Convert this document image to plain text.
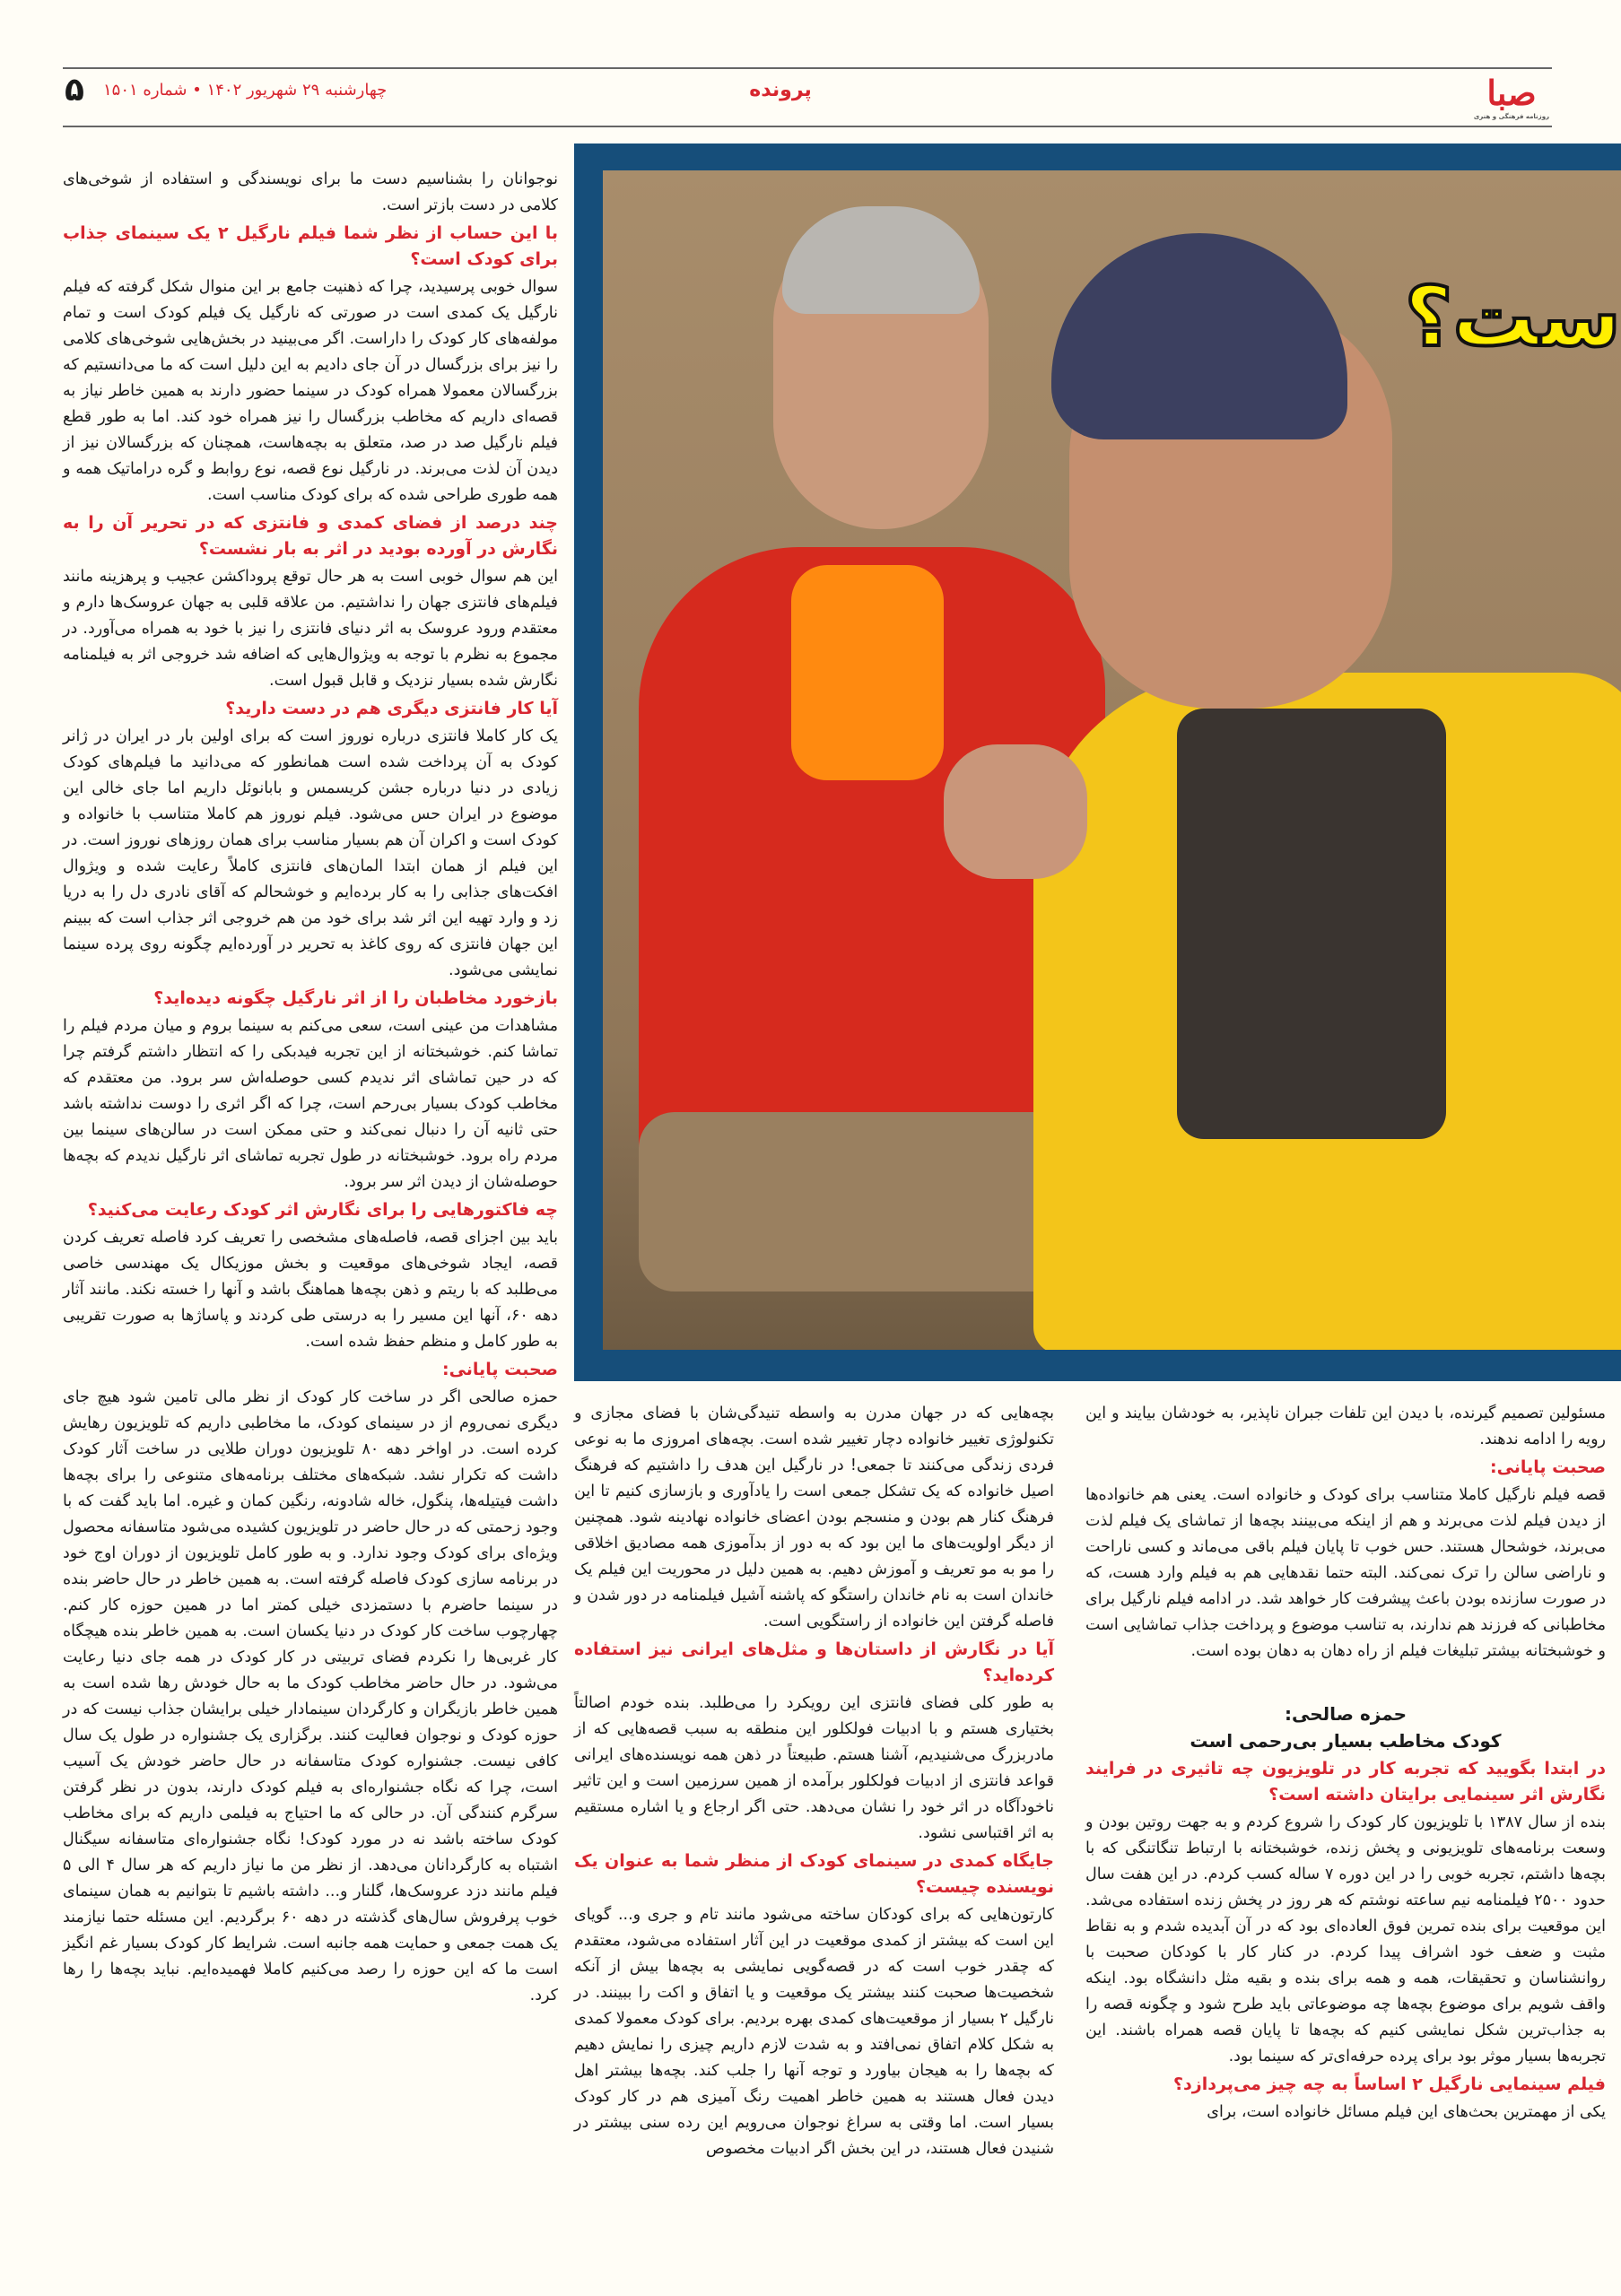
صبا
روزنامه فرهنگی و هنری
پرونده
چهارشنبه ۲۹ شهریور ۱۴۰۲ • شماره ۱۵۰۱
۵
ست؟

نوجوانان را بشناسیم دست ما برای نویسندگی و استفاده از شوخی‌های کلامی در دست بازتر است.

با این حساب از نظر شما فیلم نارگیل ۲ یک سینمای جذاب برای کودک است؟

سوال خوبی پرسیدید، چرا که ذهنیت جامع بر این منوال شکل گرفته که فیلم نارگیل یک کمدی است در صورتی که نارگیل یک فیلم کودک است و تمام مولفه‌های کار کودک را داراست. اگر می‌بینید در بخش‌هایی شوخی‌های کلامی را نیز برای بزرگسال در آن جای دادیم به این دلیل است که ما می‌دانستیم که بزرگسالان معمولا همراه کودک در سینما حضور دارند به همین خاطر نیاز به قصه‌ای داریم که مخاطب بزرگسال را نیز همراه خود کند. اما به طور قطع فیلم نارگیل صد در صد، متعلق به بچه‌هاست، همچنان که بزرگسالان نیز از دیدن آن لذت می‌برند. در نارگیل نوع قصه، نوع روابط و گره دراماتیک همه و همه طوری طراحی شده که برای کودک مناسب است.

چند درصد از فضای کمدی و فانتزی که در تحریر آن را به نگارش در آورده بودید در اثر به بار نشست؟

این هم سوال خوبی است به هر حال توقع پروداکشن عجیب و پرهزینه مانند فیلم‌های فانتزی جهان را نداشتیم. من علاقه قلبی به جهان عروسک‌ها دارم و معتقدم ورود عروسک به اثر دنیای فانتزی را نیز با خود به همراه می‌آورد. در مجموع به نظرم با توجه به ویژوال‌هایی که اضافه شد خروجی اثر به فیلمنامه نگارش شده بسیار نزدیک و قابل قبول است.

آیا کار فانتزی دیگری هم در دست دارید؟

یک کار کاملا فانتزی درباره نوروز است که برای اولین بار در ایران در ژانر کودک به آن پرداخت شده است همانطور که می‌دانید ما فیلم‌های کودک زیادی در دنیا درباره جشن کریسمس و بابانوئل داریم اما جای خالی این موضوع در ایران حس می‌شود. فیلم نوروز هم کاملا متناسب با خانواده و کودک است و اکران آن هم بسیار مناسب برای همان روزهای نوروز است. در این فیلم از همان ابتدا المان‌های فانتزی کاملاً رعایت شده و ویژوال افکت‌های جذابی را به کار برده‌ایم و خوشحالم که آقای نادری دل را به دریا زد و وارد تهیه این اثر شد برای خود من هم خروجی اثر جذاب است که ببینم این جهان فانتزی که روی کاغذ به تحریر در آورده‌ایم چگونه روی پرده سینما نمایشی می‌شود.

بازخورد مخاطبان را از اثر نارگیل چگونه دیده‌اید؟

مشاهدات من عینی است، سعی می‌کنم به سینما بروم و میان مردم فیلم را تماشا کنم. خوشبختانه از این تجربه فیدبکی را که انتظار داشتم گرفتم چرا که در حین تماشای اثر ندیدم کسی حوصله‌اش سر برود. من معتقدم که مخاطب کودک بسیار بی‌رحم است، چرا که اگر اثری را دوست نداشته باشد حتی ثانیه آن را دنبال نمی‌کند و حتی ممکن است در سالن‌های سینما بین مردم راه برود. خوشبختانه در طول تجربه تماشای اثر نارگیل ندیدم که بچه‌ها حوصله‌شان از دیدن اثر سر برود.

چه فاکتورهایی را برای نگارش اثر کودک رعایت می‌کنید؟

باید بین اجزای قصه، فاصله‌های مشخصی را تعریف کرد فاصله تعریف کردن قصه، ایجاد شوخی‌های موقعیت و بخش موزیکال یک مهندسی خاصی می‌طلبد که با ریتم و ذهن بچه‌ها هماهنگ باشد و آنها را خسته نکند. مانند آثار دهه ۶۰، آنها این مسیر را به درستی طی کردند و پاساژها به صورت تقریبی به طور کامل و منظم حفظ شده است.

صحبت پایانی:

حمزه صالحی اگر در ساخت کار کودک از نظر مالی تامین شود هیچ جای دیگری نمی‌روم از در سینمای کودک، ما مخاطبی داریم که تلویزیون رهایش کرده است. در اواخر دهه ۸۰ تلویزیون دوران طلایی در ساخت آثار کودک داشت که تکرار نشد. شبکه‌های مختلف برنامه‌های متنوعی را برای بچه‌ها داشت فیتیله‌ها، پنگول، خاله شادونه، رنگین کمان و غیره. اما باید گفت که با وجود زحمتی که در حال حاضر در تلویزیون کشیده می‌شود متاسفانه محصول ویژه‌ای برای کودک وجود ندارد. و به طور کامل تلویزیون از دوران اوج خود در برنامه سازی کودک فاصله گرفته است. به همین خاطر در حال حاضر بنده در سینما حاضرم با دستمزدی خیلی کمتر اما در همین حوزه کار کنم. چهارچوب ساخت کار کودک در دنیا یکسان است. به همین خاطر بنده هیچگاه کار غربی‌ها را نکردم فضای تربیتی در کار کودک در همه جای دنیا رعایت می‌شود. در حال حاضر مخاطب کودک ما به حال خودش رها شده است به همین خاطر بازیگران و کارگردان سینمادار خیلی برایشان جذاب نیست که در حوزه کودک و نوجوان فعالیت کنند. برگزاری یک جشنواره در طول یک سال کافی نیست. جشنواره کودک متاسفانه در حال حاضر خودش یک آسیب است، چرا که نگاه جشنواره‌ای به فیلم کودک دارند، بدون در نظر گرفتن سرگرم کنندگی آن. در حالی که ما احتیاج به فیلمی داریم که برای مخاطب کودک ساخته باشد نه در مورد کودک! نگاه جشنواره‌ای متاسفانه سیگنال اشتباه به کارگردانان می‌دهد. از نظر من ما نیاز داریم که هر سال ۴ الی ۵ فیلم مانند دزد عروسک‌ها، گلنار و... داشته باشیم تا بتوانیم به همان سینمای خوب پرفروش سال‌های گذشته در دهه ۶۰ برگردیم. این مسئله حتما نیازمند یک همت جمعی و حمایت همه جانبه است. شرایط کار کودک بسیار غم انگیز است ما که این حوزه را رصد می‌کنیم کاملا فهمیده‌ایم. نباید بچه‌ها را رها کرد.

بچه‌هایی که در جهان مدرن به واسطه تنیدگی‌شان با فضای مجازی و تکنولوژی تغییر خانواده دچار تغییر شده است. بچه‌های امروزی ما به نوعی فردی زندگی می‌کنند تا جمعی! در نارگیل این هدف را داشتیم که فرهنگ اصیل خانواده که یک تشکل جمعی است را یادآوری و بازسازی کنیم تا این فرهنگ کنار هم بودن و منسجم بودن اعضای خانواده نهادینه شود. همچنین از دیگر اولویت‌های ما این بود که به دور از بدآموزی همه مصادیق اخلاقی را مو به مو تعریف و آموزش دهیم. به همین دلیل در محوریت این فیلم یک خاندان است به نام خاندان راستگو که پاشنه آشیل فیلمنامه در دور شدن و فاصله گرفتن این خانواده از راستگویی است.

آیا در نگارش از داستان‌ها و مثل‌های ایرانی نیز استفاده کرده‌اید؟

به طور کلی فضای فانتزی این رویکرد را می‌طلبد. بنده خودم اصالتاً بختیاری هستم و با ادبیات فولکلور این منطقه به سبب قصه‌هایی که از مادربزرگ می‌شنیدیم، آشنا هستم. طبیعتاً در ذهن همه نویسنده‌های ایرانی قواعد فانتزی از ادبیات فولکلور برآمده از همین سرزمین است و این تاثیر ناخودآگاه در اثر خود را نشان می‌دهد. حتی اگر ارجاع و یا اشاره مستقیم به اثر اقتباسی نشود.

جایگاه کمدی در سینمای کودک از منظر شما به عنوان یک نویسنده چیست؟

کارتون‌هایی که برای کودکان ساخته می‌شود مانند تام و جری و... گویای این است که بیشتر از کمدی موقعیت در این آثار استفاده می‌شود، معتقدم که چقدر خوب است که در قصه‌گویی نمایشی به بچه‌ها بیش از آنکه شخصیت‌ها صحبت کنند بیشتر یک موقعیت و یا اتفاق و اکت را ببینند. در نارگیل ۲ بسیار از موقعیت‌های کمدی بهره بردیم. برای کودک معمولا کمدی به شکل کلام اتفاق نمی‌افتد و به شدت لازم داریم چیزی را نمایش دهیم که بچه‌ها را به هیجان بیاورد و توجه آنها را جلب کند. بچه‌ها بیشتر اهل دیدن فعال هستند به همین خاطر اهمیت رنگ آمیزی هم در کار کودک بسیار است. اما وقتی به سراغ نوجوان می‌رویم این رده سنی بیشتر در شنیدن فعال هستند، در این بخش اگر ادبیات مخصوص

مسئولین تصمیم گیرنده، با دیدن این تلفات جبران ناپذیر، به خودشان بیایند و این رویه را ادامه ندهند.

صحبت پایانی:

قصه فیلم نارگیل کاملا متناسب برای کودک و خانواده است. یعنی هم خانواده‌ها از دیدن فیلم لذت می‌برند و هم از اینکه می‌بینند بچه‌ها از تماشای یک فیلم لذت می‌برند، خوشحال هستند. حس خوب تا پایان فیلم باقی می‌ماند و کسی ناراحت و ناراضی سالن را ترک نمی‌کند. البته حتما نقدهایی هم به فیلم وارد هست، که در صورت سازنده بودن باعث پیشرفت کار خواهد شد. در ادامه فیلم نارگیل برای مخاطبانی که فرزند هم ندارند، به تناسب موضوع و پرداخت جذاب تماشایی است و خوشبختانه بیشتر تبلیغات فیلم از راه دهان به دهان بوده است.

حمزه صالحی:

کودک مخاطب بسیار بی‌رحمی است

در ابتدا بگویید که تجربه کار در تلویزیون چه تاثیری در فرایند نگارش اثر سینمایی برایتان داشته است؟

بنده از سال ۱۳۸۷ با تلویزیون کار کودک را شروع کردم و به جهت روتین بودن و وسعت برنامه‌های تلویزیونی و پخش زنده، خوشبختانه با ارتباط تنگاتنگی که با بچه‌ها داشتم، تجربه خوبی را در این دوره ۷ ساله کسب کردم. در این هفت سال حدود ۲۵۰۰ فیلمنامه نیم ساعته نوشتم که هر روز در پخش زنده استفاده می‌شد. این موقعیت برای بنده تمرین فوق العاده‌ای بود که در آن آبدیده شدم و به نقاط مثبت و ضعف خود اشراف پیدا کردم. در کنار کار با کودکان صحبت با روانشناسان و تحقیقات، همه و همه برای بنده و بقیه مثل دانشگاه بود. اینکه واقف شویم برای موضوع بچه‌ها چه موضوعاتی باید طرح شود و چگونه قصه را به جذاب‌ترین شکل نمایشی کنیم که بچه‌ها تا پایان قصه همراه باشند. این تجربه‌ها بسیار موثر بود برای پرده حرفه‌ای‌تر که سینما بود.

فیلم سینمایی نارگیل ۲ اساساً به چه چیز می‌پردازد؟

یکی از مهمترین بحث‌های این فیلم مسائل خانواده است، برای
